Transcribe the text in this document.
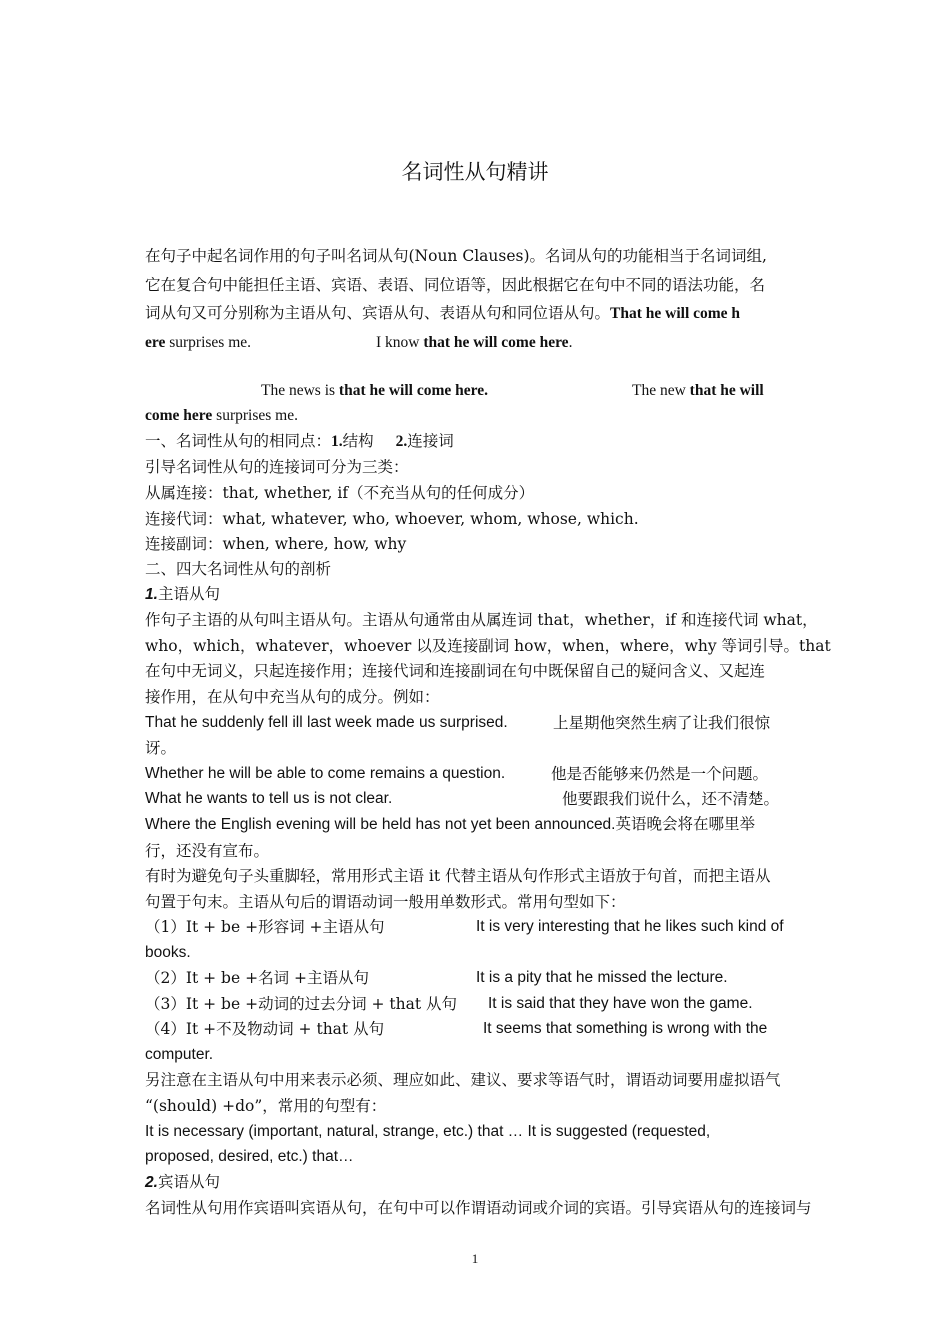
名词性从句精讲
在句子中起名词作用的句子叫名词从句(Noun Clauses)。名词从句的功能相当于名词词组,
它在复合句中能担任主语、宾语、表语、同位语等，因此根据它在句中不同的语法功能，名
词从句又可分别称为主语从句、宾语从句、表语从句和同位语从句。That he will come h
ere surprises me.	I know that he will come here.
The news is that he will come here.	The new that he will
come here surprises me.
一、名词性从句的相同点：1.结构 2.连接词
引导名词性从句的连接词可分为三类：
从属连接：that, whether, if（不充当从句的任何成分）
连接代词：what, whatever, who, whoever, whom, whose, which.
连接副词：when, where, how, why
二、四大名词性从句的剖析
1.主语从句
作句子主语的从句叫主语从句。主语从句通常由从属连词 that，whether，if 和连接代词 what，
who，which，whatever，whoever 以及连接副词 how，when，where，why 等词引导。that
在句中无词义，只起连接作用；连接代词和连接副词在句中既保留自己的疑问含义、又起连
接作用，在从句中充当从句的成分。例如：
That he suddenly fell ill last week made us surprised.	上星期他突然生病了让我们很惊
讶。
Whether he will be able to come remains a question.	他是否能够来仍然是一个问题。
What he wants to tell us is not clear.	他要跟我们说什么，还不清楚。
Where the English evening will be held has not yet been announced.英语晚会将在哪里举
行，还没有宣布。
有时为避免句子头重脚轻，常用形式主语 it 代替主语从句作形式主语放于句首，而把主语从
句置于句末。主语从句后的谓语动词一般用单数形式。常用句型如下：
（1）It + be +形容词 +主语从句	It is very interesting that he likes such kind of
books.
（2）It + be +名词 +主语从句	It is a pity that he missed the lecture.
（3）It + be +动词的过去分词 + that 从句 It is said that they have won the game.
（4）It +不及物动词 + that 从句	It seems that something is wrong with the
computer.
另注意在主语从句中用来表示必须、理应如此、建议、要求等语气时，谓语动词要用虚拟语气
“(should) +do”，常用的句型有：
It is necessary (important, natural, strange, etc.) that … It is suggested (requested,
proposed, desired, etc.) that…
2.宾语从句
名词性从句用作宾语叫宾语从句，在句中可以作谓语动词或介词的宾语。引导宾语从句的连接词与
1
